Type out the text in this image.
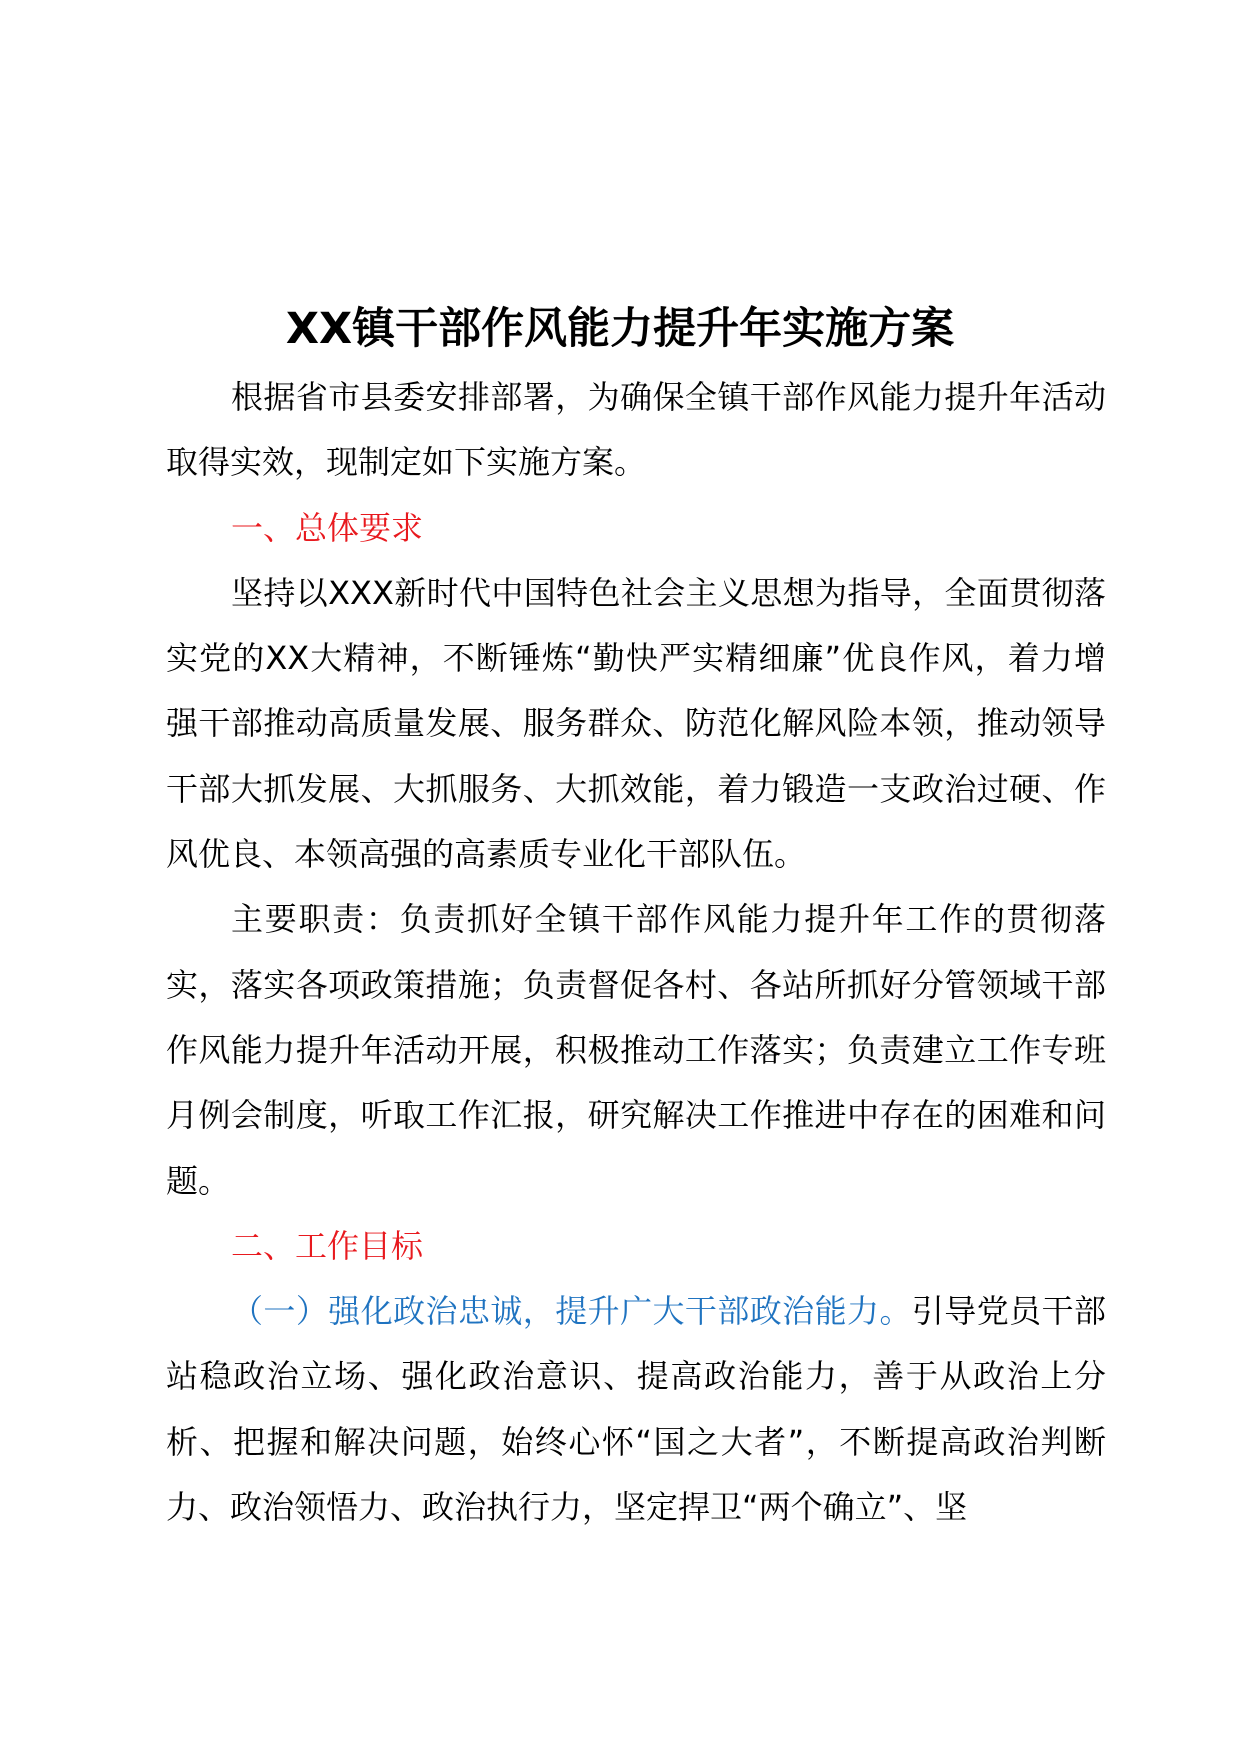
XX镇干部作风能力提升年实施方案

根据省市县委安排部署，为确保全镇干部作风能力提升年活动取得实效，现制定如下实施方案。

一、总体要求

坚持以XXX新时代中国特色社会主义思想为指导，全面贯彻落实党的XX大精神，不断锤炼“勤快严实精细廉”优良作风，着力增强干部推动高质量发展、服务群众、防范化解风险本领，推动领导干部大抓发展、大抓服务、大抓效能，着力锻造一支政治过硬、作风优良、本领高强的高素质专业化干部队伍。

主要职责：负责抓好全镇干部作风能力提升年工作的贯彻落实，落实各项政策措施；负责督促各村、各站所抓好分管领域干部作风能力提升年活动开展，积极推动工作落实；负责建立工作专班月例会制度，听取工作汇报，研究解决工作推进中存在的困难和问题。

二、工作目标

（一）强化政治忠诚，提升广大干部政治能力。引导党员干部站稳政治立场、强化政治意识、提高政治能力，善于从政治上分析、把握和解决问题，始终心怀“国之大者”，不断提高政治判断力、政治领悟力、政治执行力，坚定捍卫“两个确立”、坚
